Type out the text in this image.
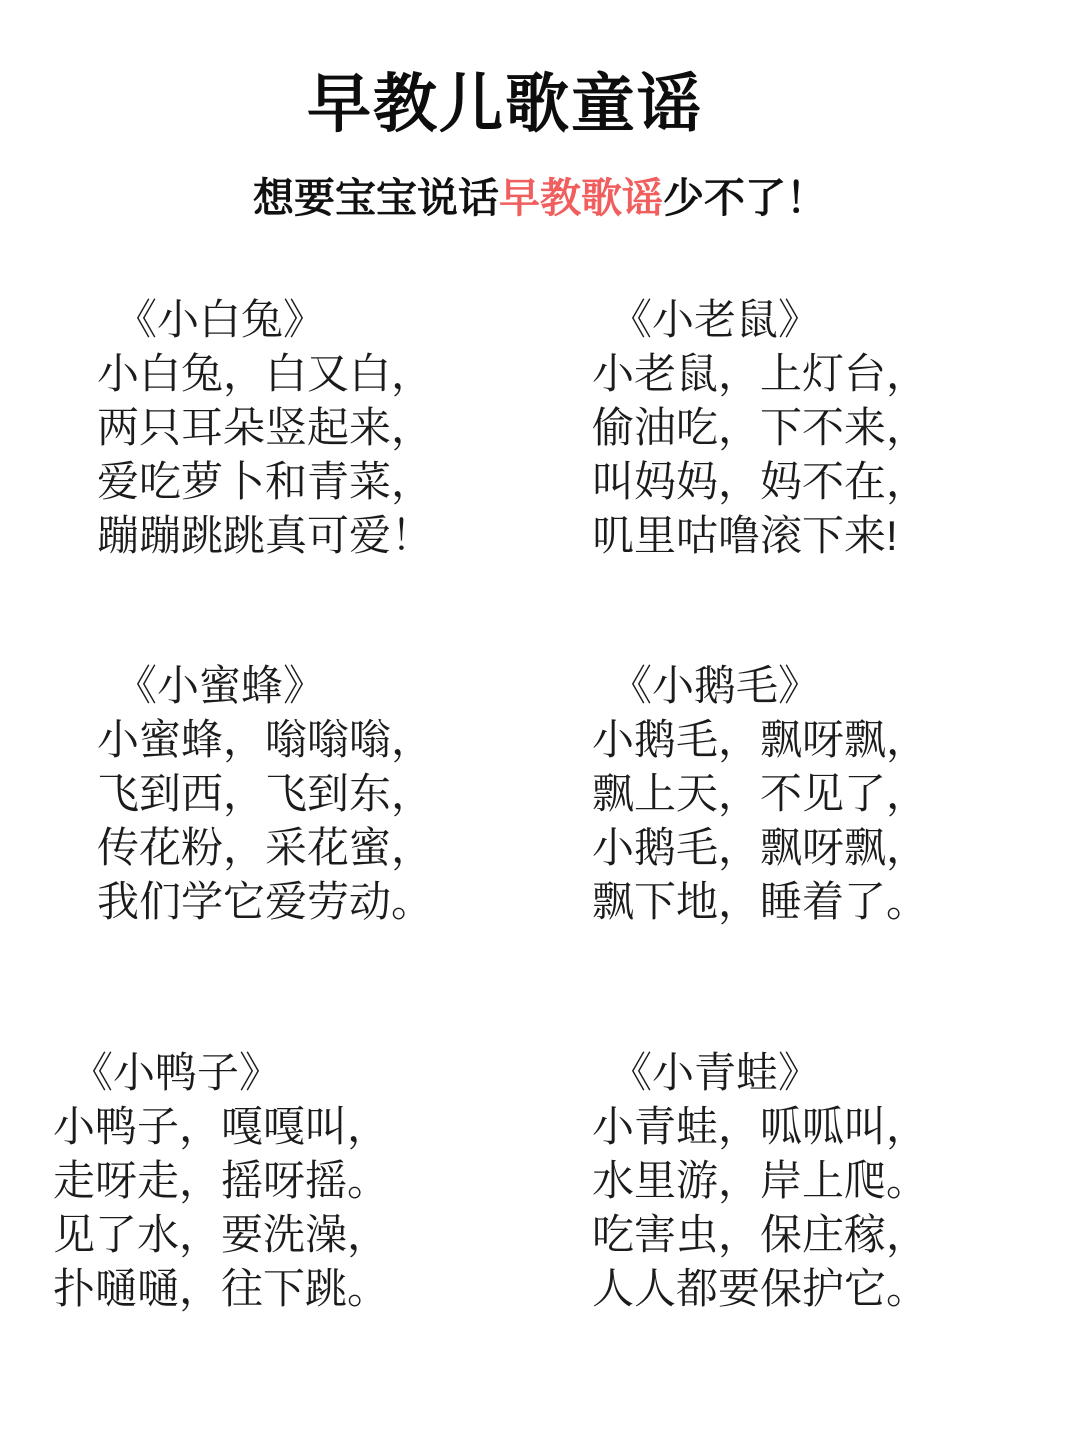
早教儿歌童谣

想要宝宝说话早教歌谣少不了！

《小白兔》

小白兔，白又白，

两只耳朵竖起来，

爱吃萝卜和青菜，

蹦蹦跳跳真可爱！

《小老鼠》

小老鼠，上灯台，

偷油吃，下不来，

叫妈妈，妈不在，

叽里咕噜滚下来!

《小蜜蜂》

小蜜蜂，嗡嗡嗡，

飞到西，飞到东，

传花粉，采花蜜，

我们学它爱劳动。

《小鹅毛》

小鹅毛，飘呀飘，

飘上天，不见了，

小鹅毛，飘呀飘，

飘下地，睡着了。

《小鸭子》

小鸭子，嘎嘎叫，

走呀走，摇呀摇。

见了水，要洗澡，

扑嗵嗵，往下跳。

《小青蛙》

小青蛙，呱呱叫，

水里游，岸上爬。

吃害虫，保庄稼，

人人都要保护它。
